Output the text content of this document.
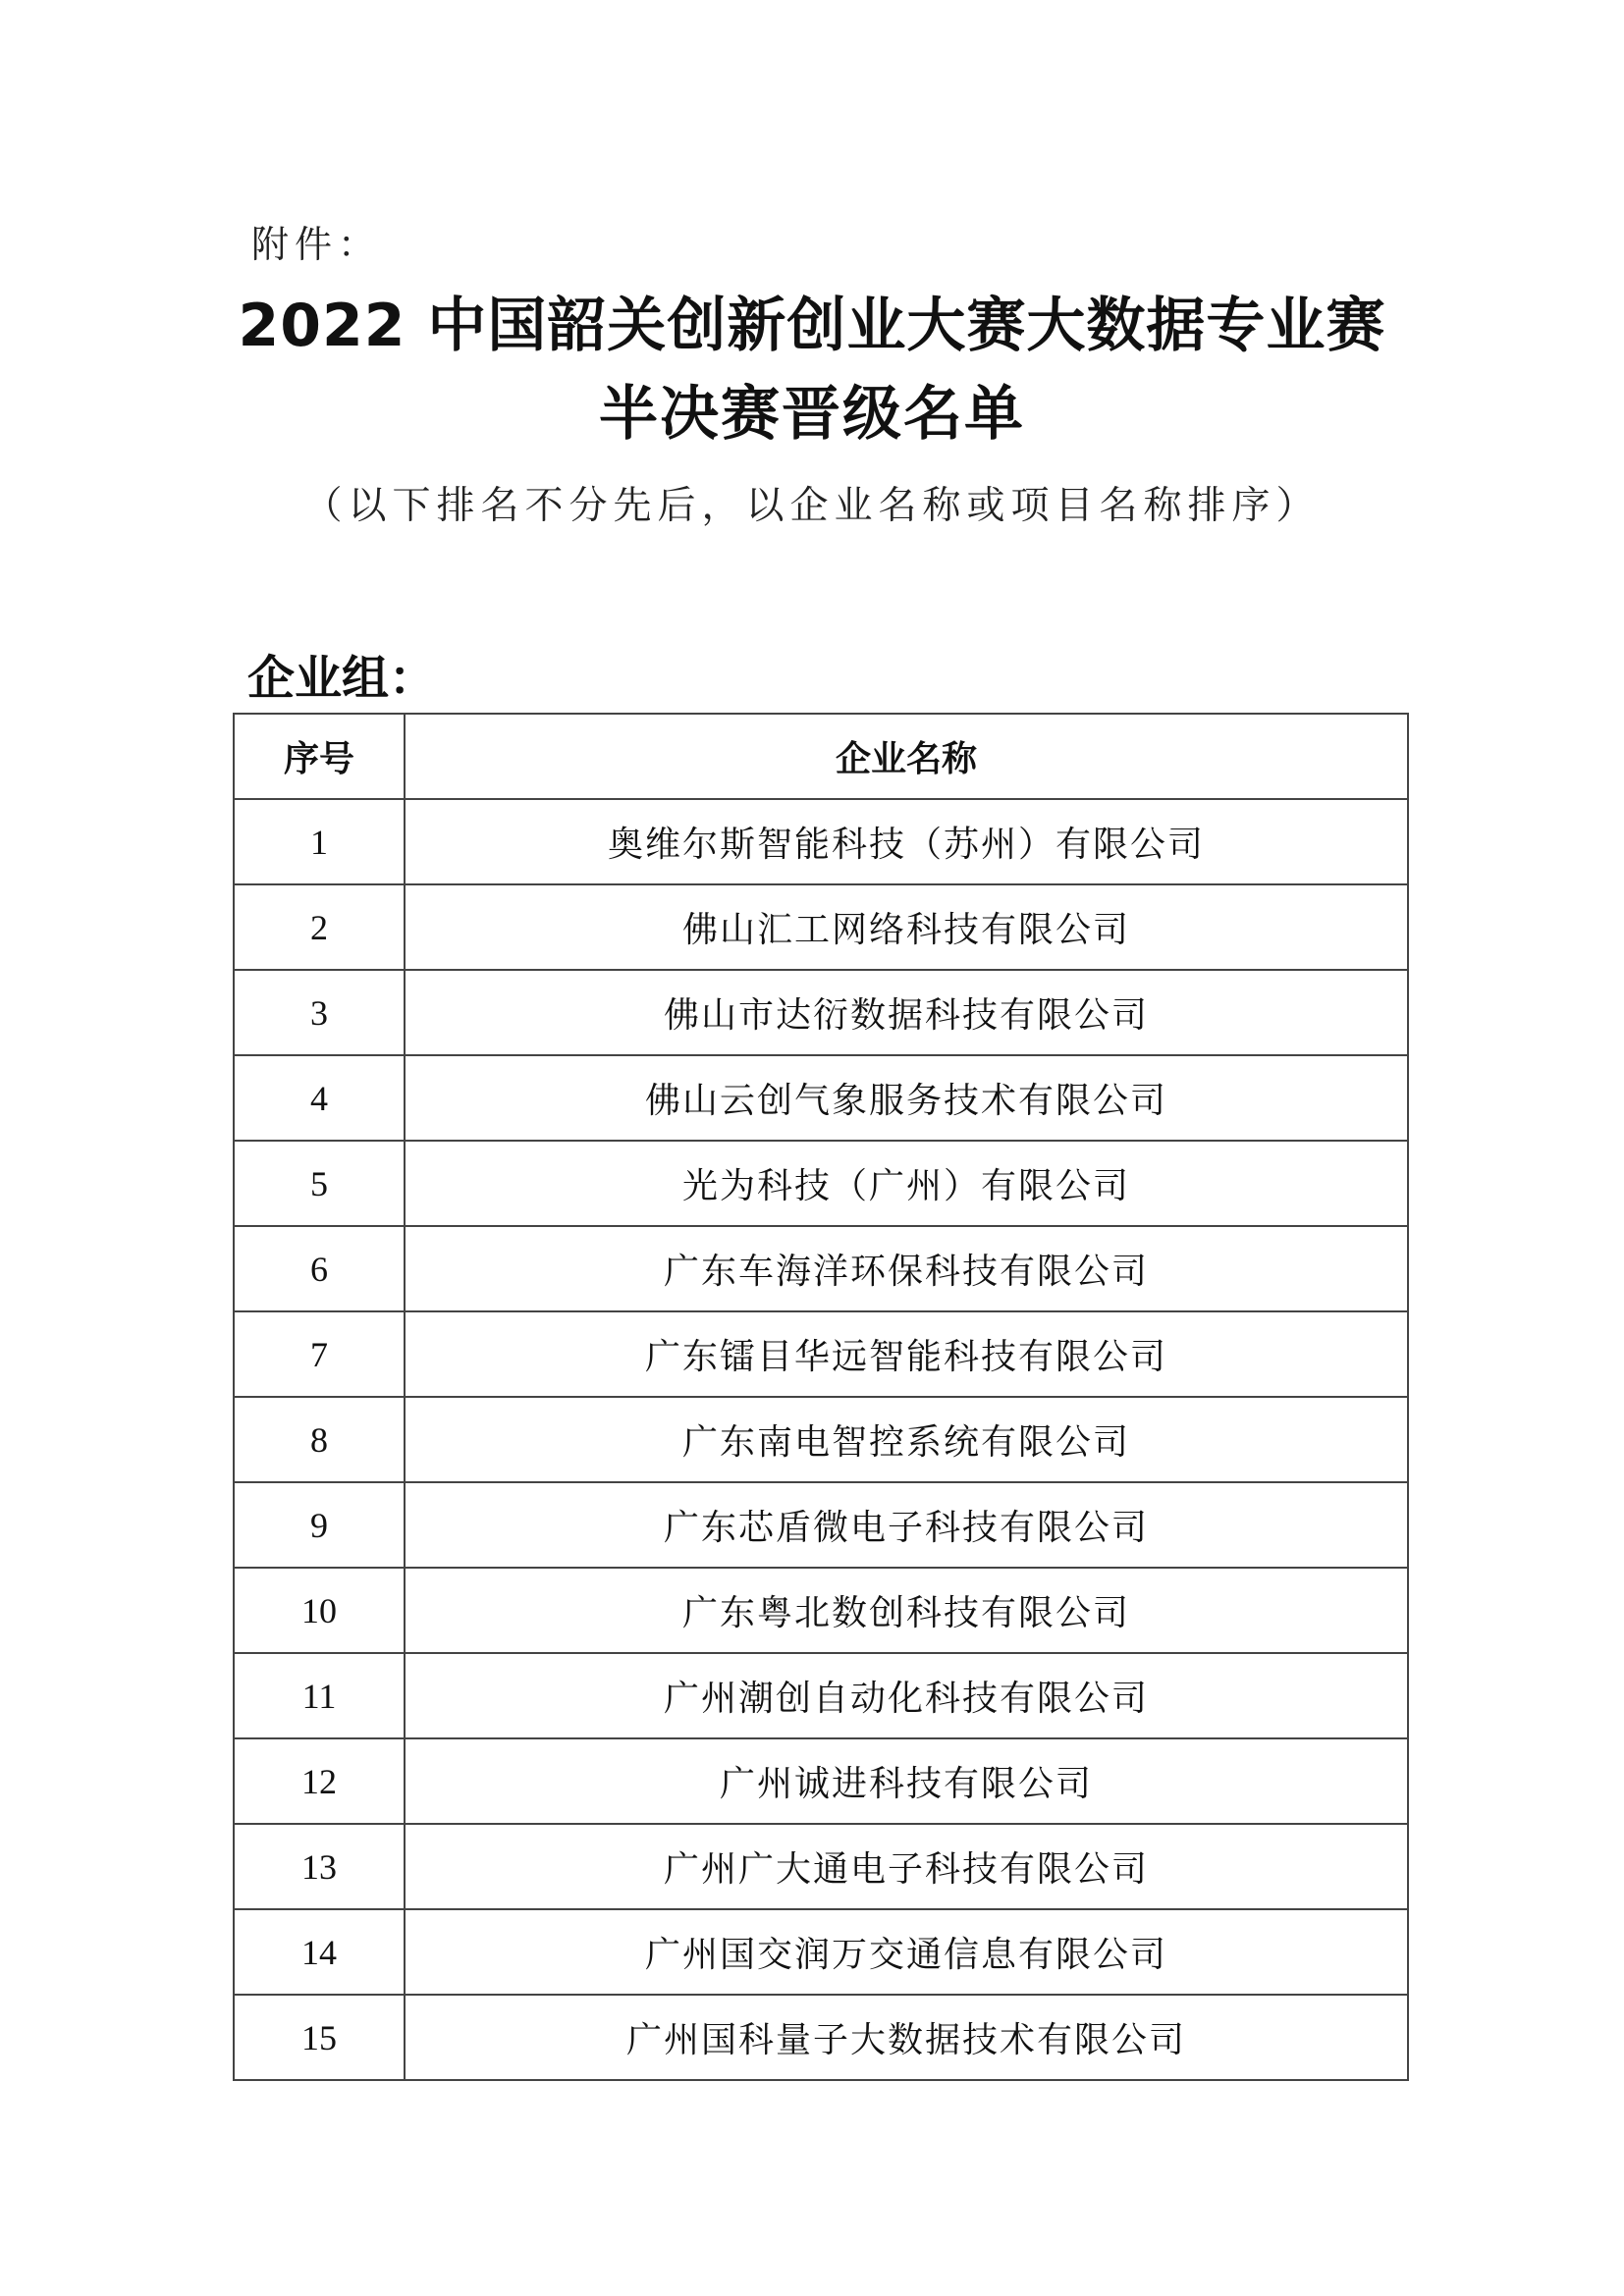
附件：
2022 中国韶关创新创业大赛大数据专业赛
半决赛晋级名单
（以下排名不分先后，以企业名称或项目名称排序）
企业组：
序号	企业名称
1	奥维尔斯智能科技（苏州）有限公司
2	佛山汇工网络科技有限公司
3	佛山市达衍数据科技有限公司
4	佛山云创气象服务技术有限公司
5	光为科技（广州）有限公司
6	广东车海洋环保科技有限公司
7	广东镭目华远智能科技有限公司
8	广东南电智控系统有限公司
9	广东芯盾微电子科技有限公司
10	广东粤北数创科技有限公司
11	广州潮创自动化科技有限公司
12	广州诚进科技有限公司
13	广州广大通电子科技有限公司
14	广州国交润万交通信息有限公司
15	广州国科量子大数据技术有限公司
